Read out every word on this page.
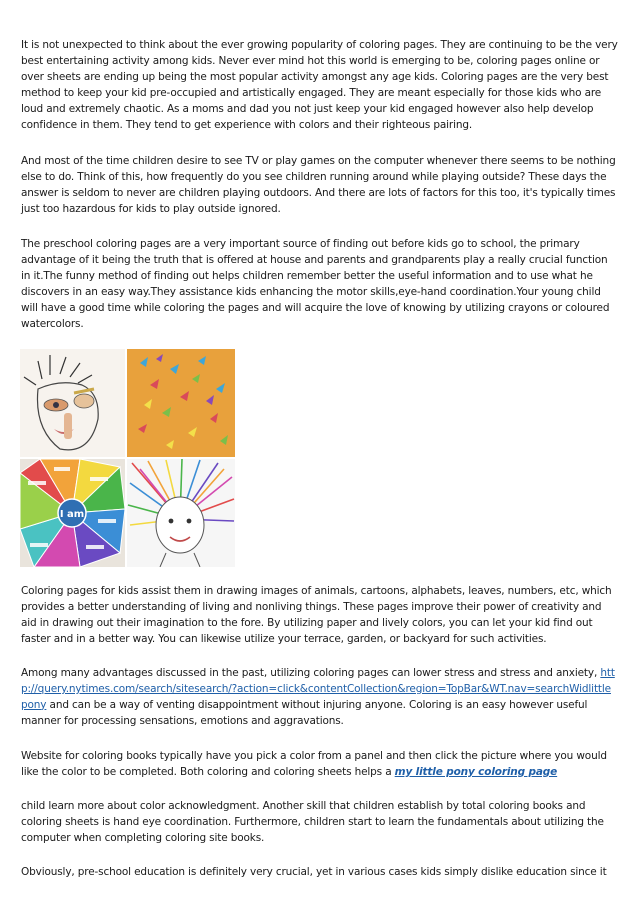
It is not unexpected to think about the ever growing popularity of coloring pages. They are continuing to be the very best entertaining activity among kids. Never ever mind hot this world is emerging to be, coloring pages online or over sheets are ending up being the most popular activity amongst any age kids. Coloring pages are the very best method to keep your kid pre-occupied and artistically engaged. They are meant especially for those kids who are loud and extremely chaotic. As a moms and dad you not just keep your kid engaged however also help develop confidence in them. They tend to get experience with colors and their righteous pairing.

And most of the time children desire to see TV or play games on the computer whenever there seems to be nothing else to do. Think of this, how frequently do you see children running around while playing outside? These days the answer is seldom to never are children playing outdoors. And there are lots of factors for this too, it's typically times just too hazardous for kids to play outside ignored.

The preschool coloring pages are a very important source of finding out before kids go to school, the primary advantage of it being the truth that is offered at house and parents and grandparents play a really crucial function in it.The funny method of finding out helps children remember better the useful information and to use what he discovers in an easy way.They assistance kids enhancing the motor skills,eye-hand coordination.Your young child will have a good time while coloring the pages and will acquire the love of knowing by utilizing crayons or coloured watercolors.

I am

Coloring pages for kids assist them in drawing images of animals, cartoons, alphabets, leaves, numbers, etc, which provides a better understanding of living and nonliving things. These pages improve their power of creativity and aid in drawing out their imagination to the fore. By utilizing paper and lively colors, you can let your kid find out faster and in a better way. You can likewise utilize your terrace, garden, or backyard for such activities.

Among many advantages discussed in the past, utilizing coloring pages can lower stress and stress and anxiety, http://query.nytimes.com/search/sitesearch/?action=click&contentCollection&region=TopBar&WT.nav=searchWidlittle pony and can be a way of venting disappointment without injuring anyone. Coloring is an easy however useful manner for processing sensations, emotions and aggravations.

Website for coloring books typically have you pick a color from a panel and then click the picture where you would like the color to be completed. Both coloring and coloring sheets helps a my little pony coloring page

child learn more about color acknowledgment. Another skill that children establish by total coloring books and coloring sheets is hand eye coordination. Furthermore, children start to learn the fundamentals about utilizing the computer when completing coloring site books.

Obviously, pre-school education is definitely very crucial, yet in various cases kids simply dislike education since it
